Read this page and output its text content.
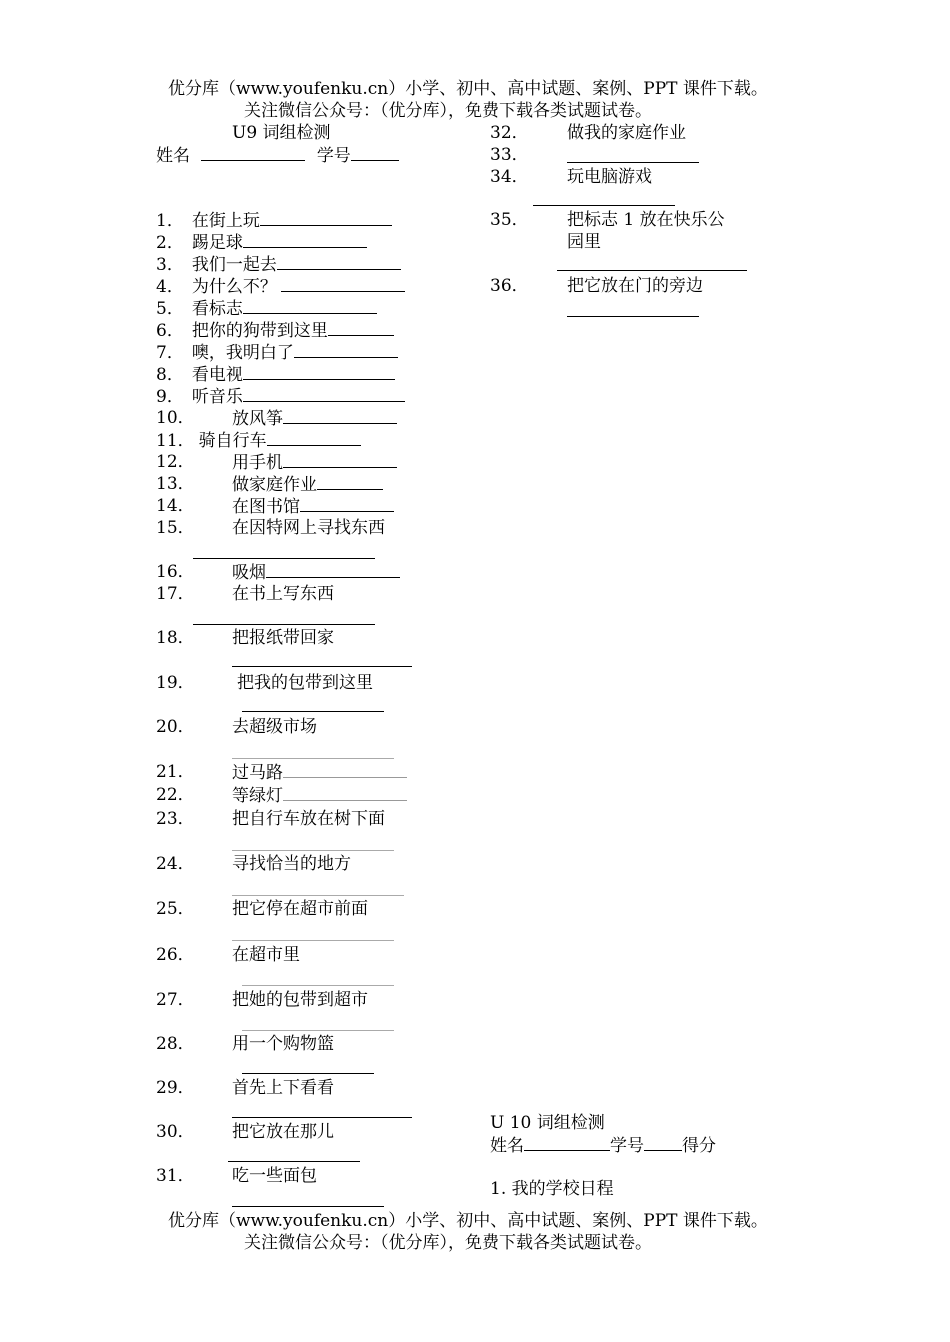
优分库（www.youfenku.cn）小学、初中、高中试题、案例、PPT 课件下载。
关注微信公众号：（优分库），免费下载各类试题试卷。
U9 词组检测
姓名	学号
1． 在街上玩
2． 踢足球
3． 我们一起去
4． 为什么不？
5． 看标志
6． 把你的狗带到这里
7． 噢，我明白了
8． 看电视
9． 听音乐
10． 放风筝
11． 骑自行车
12． 用手机
13． 做家庭作业
14． 在图书馆
15． 在因特网上寻找东西
16． 吸烟
17． 在书上写东西
18． 把报纸带回家
19． 把我的包带到这里
20． 去超级市场
21． 过马路
22． 等绿灯
23． 把自行车放在树下面
24． 寻找恰当的地方
25． 把它停在超市前面
26． 在超市里
27． 把她的包带到超市
28． 用一个购物篮
29． 首先上下看看
30． 把它放在那儿
31． 吃一些面包
32． 做我的家庭作业
33．
34． 玩电脑游戏
35． 把标志 1 放在快乐公
园里
36． 把它放在门的旁边
U 10 词组检测
姓名	学号 得分
1. 我的学校日程
优分库（www.youfenku.cn）小学、初中、高中试题、案例、PPT 课件下载。
关注微信公众号：（优分库），免费下载各类试题试卷。
